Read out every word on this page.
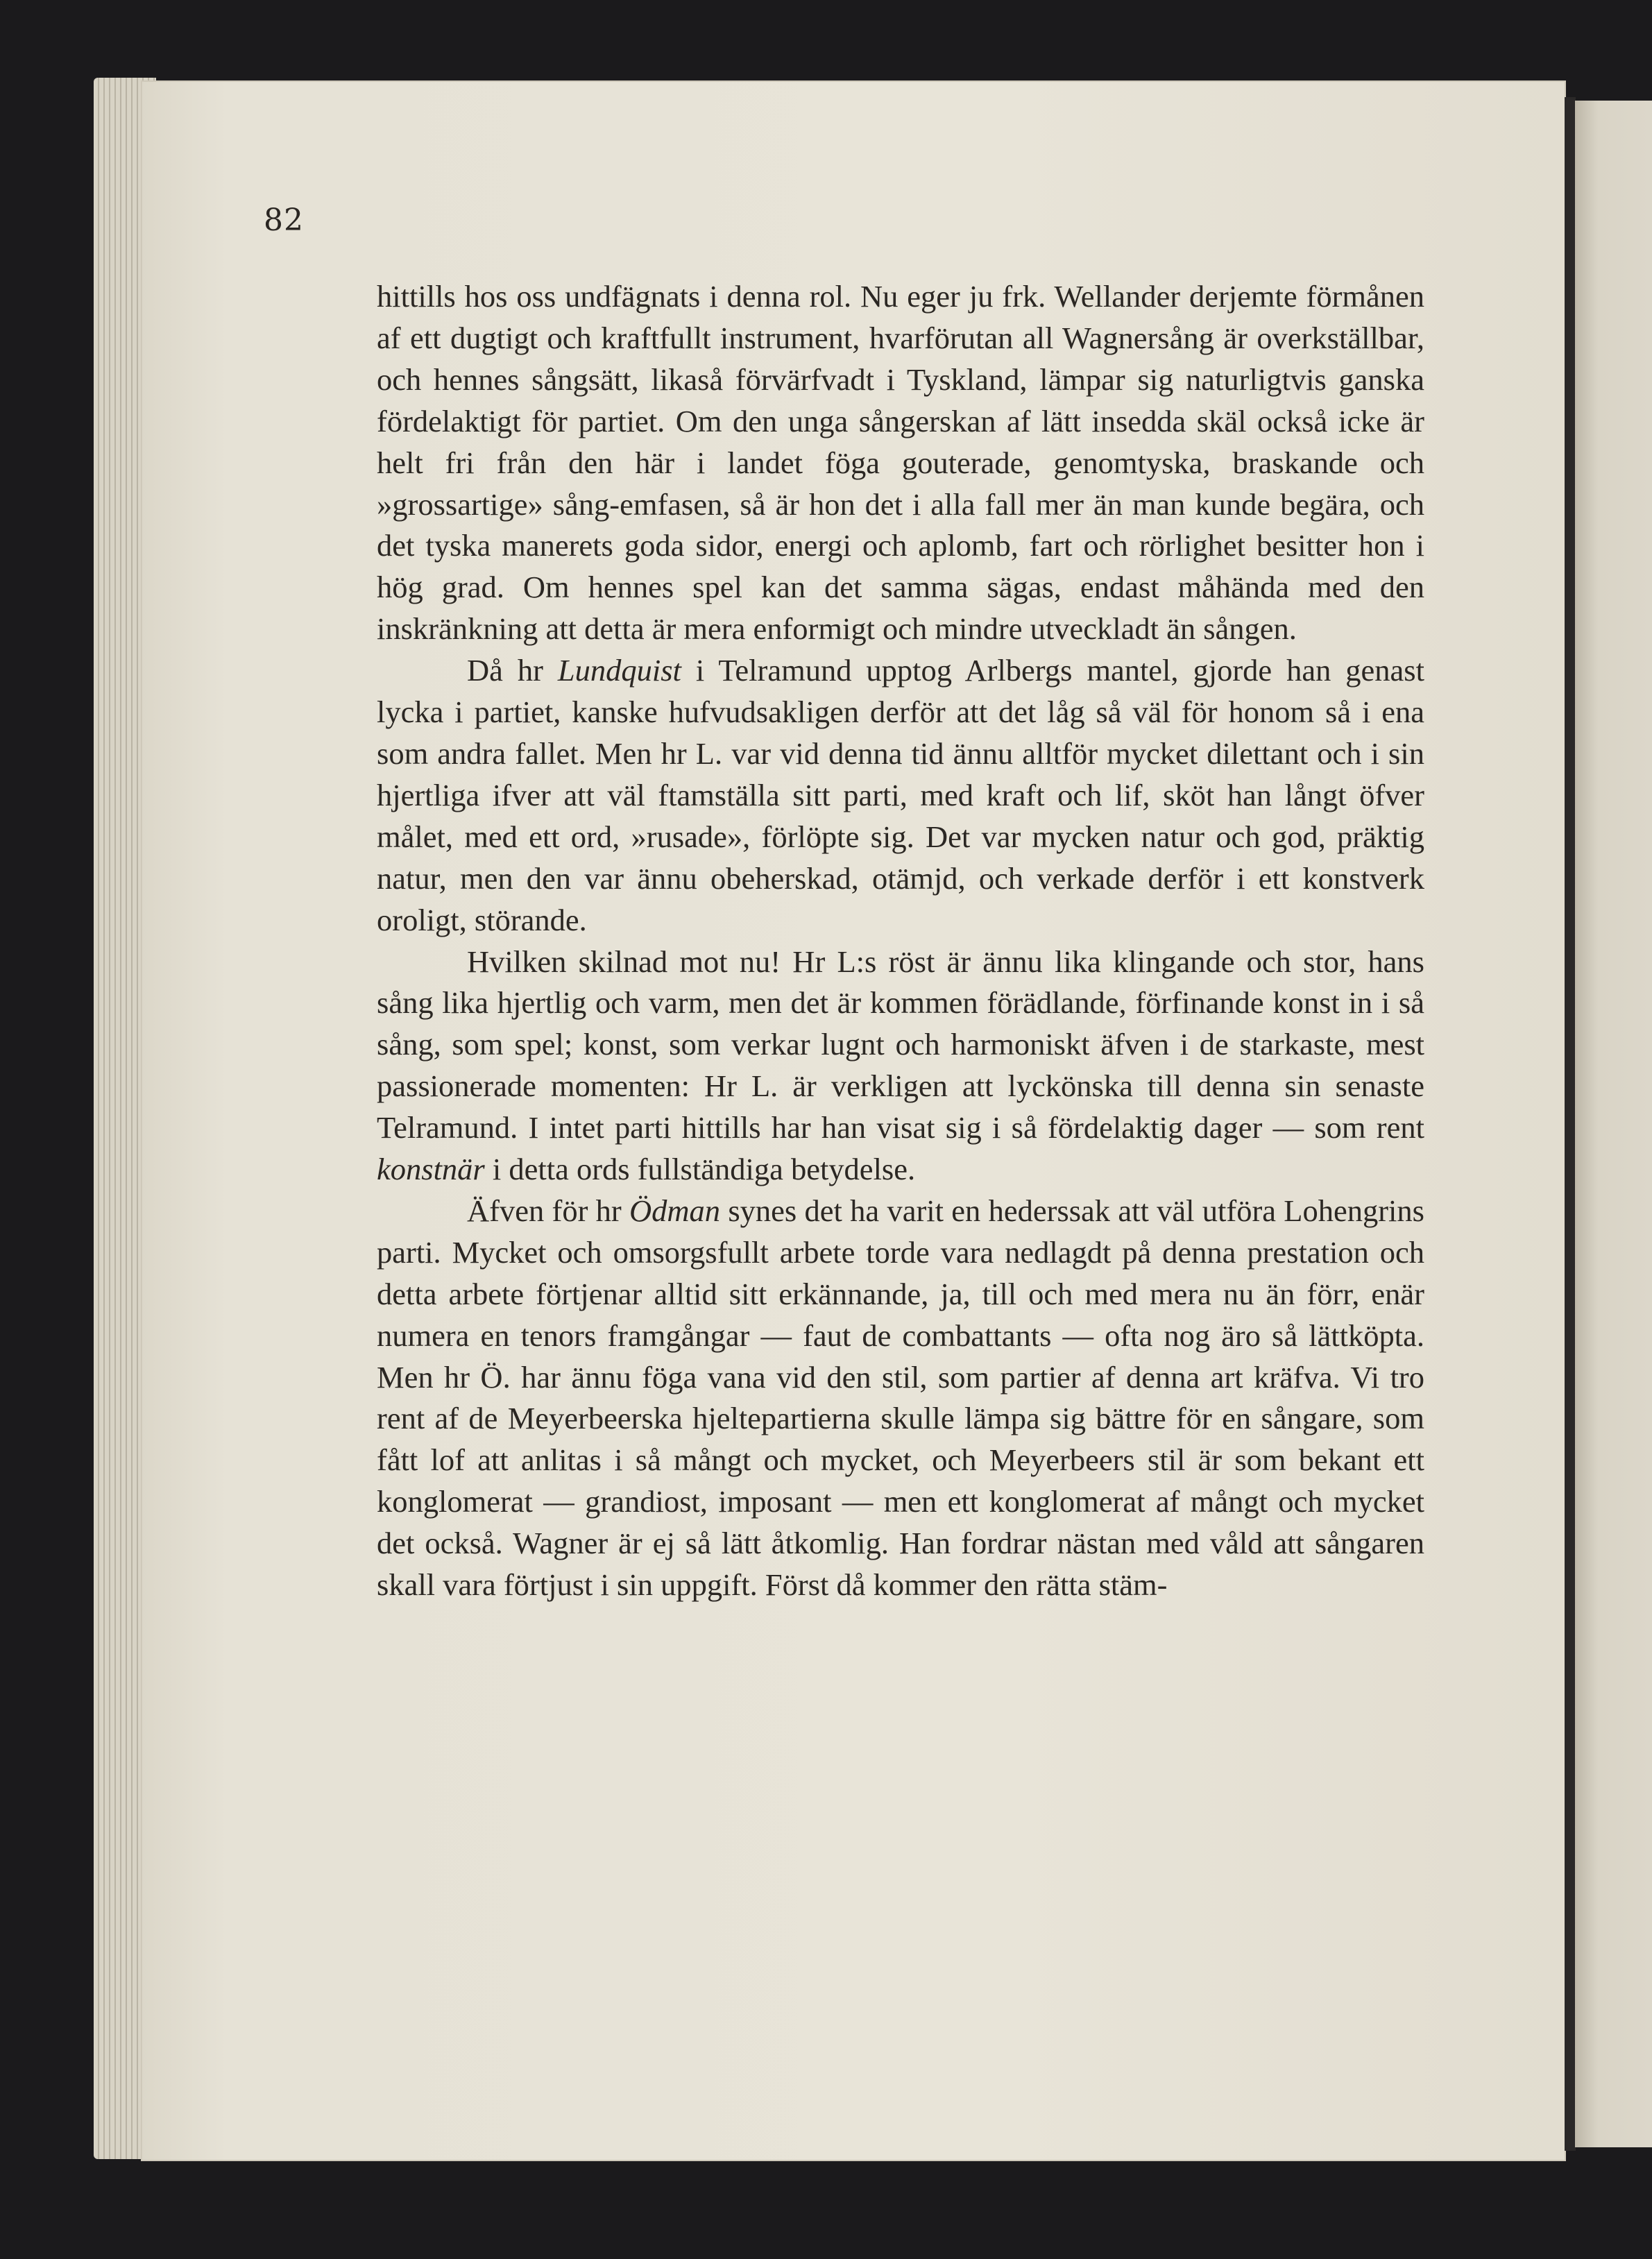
82

hittills hos oss undfägnats i denna rol. Nu eger ju frk. Wellander derjemte förmånen af ett dugtigt och kraftfullt instrument, hvarförutan all Wagnersång är overkställbar, och hennes sångsätt, likaså förvärfvadt i Tyskland, lämpar sig naturligtvis ganska fördelaktigt för partiet. Om den unga sångerskan af lätt insedda skäl också icke är helt fri från den här i landet föga gouterade, genomtyska, braskande och »grossartige» sång-emfasen, så är hon det i alla fall mer än man kunde begära, och det tyska manerets goda sidor, energi och aplomb, fart och rörlighet besitter hon i hög grad. Om hennes spel kan det samma sägas, endast måhända med den inskränkning att detta är mera enformigt och mindre utveckladt än sången.

Då hr Lundquist i Telramund upptog Arlbergs mantel, gjorde han genast lycka i partiet, kanske hufvudsakligen derför att det låg så väl för honom så i ena som andra fallet. Men hr L. var vid denna tid ännu alltför mycket dilettant och i sin hjertliga ifver att väl ftamställa sitt parti, med kraft och lif, sköt han långt öfver målet, med ett ord, »rusade», förlöpte sig. Det var mycken natur och god, präktig natur, men den var ännu obeherskad, otämjd, och verkade derför i ett konstverk oroligt, störande.

Hvilken skilnad mot nu! Hr L:s röst är ännu lika klingande och stor, hans sång lika hjertlig och varm, men det är kommen förädlande, förfinande konst in i så sång, som spel; konst, som verkar lugnt och harmoniskt äfven i de starkaste, mest passionerade momenten: Hr L. är verkligen att lyckönska till denna sin senaste Telramund. I intet parti hittills har han visat sig i så fördelaktig dager — som rent konstnär i detta ords fullständiga betydelse.

Äfven för hr Ödman synes det ha varit en hederssak att väl utföra Lohengrins parti. Mycket och omsorgsfullt arbete torde vara nedlagdt på denna prestation och detta arbete förtjenar alltid sitt erkännande, ja, till och med mera nu än förr, enär numera en tenors framgångar — faut de combattants — ofta nog äro så lättköpta. Men hr Ö. har ännu föga vana vid den stil, som partier af denna art kräfva. Vi tro rent af de Meyerbeerska hjeltepartierna skulle lämpa sig bättre för en sångare, som fått lof att anlitas i så mångt och mycket, och Meyerbeers stil är som bekant ett konglomerat — grandiost, imposant — men ett konglomerat af mångt och mycket det också. Wagner är ej så lätt åtkomlig. Han fordrar nästan med våld att sångaren skall vara förtjust i sin uppgift. Först då kommer den rätta stäm-
